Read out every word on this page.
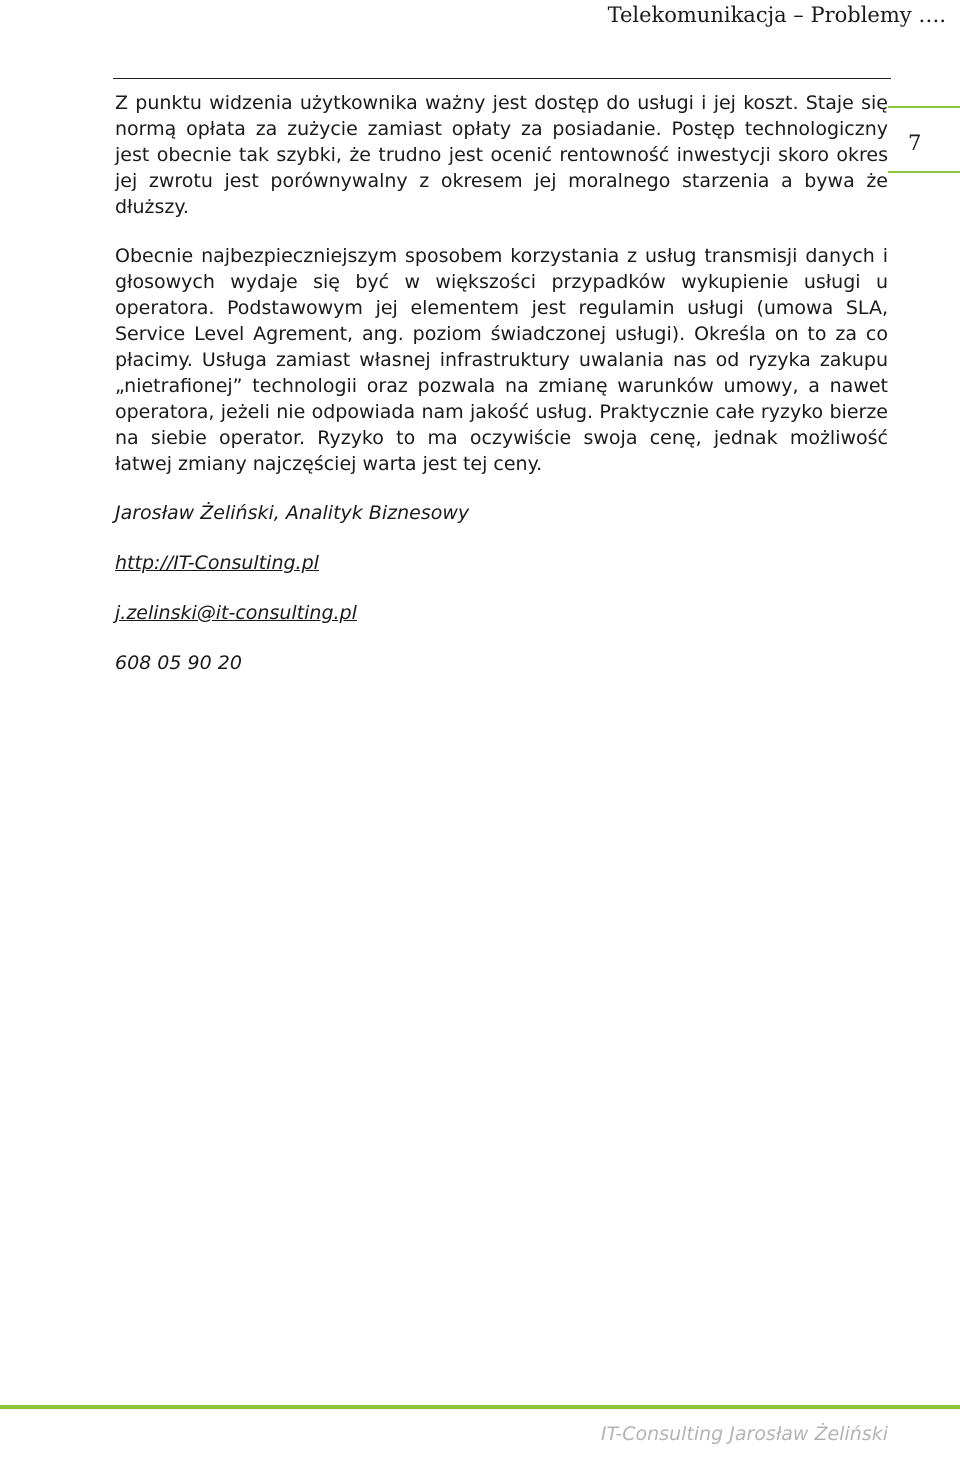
Telekomunikacja – Problemy ….
7

Z punktu widzenia użytkownika ważny jest dostęp do usługi i jej koszt. Staje się normą opłata za zużycie zamiast opłaty za posiadanie. Postęp technologiczny jest obecnie tak szybki, że trudno jest ocenić rentowność inwestycji skoro okres jej zwrotu jest porównywalny z okresem jej moralnego starzenia a bywa że dłuższy.

Obecnie najbezpieczniejszym sposobem korzystania z usług transmisji danych i głosowych wydaje się być w większości przypadków wykupienie usługi u operatora. Podstawowym jej elementem jest regulamin usługi (umowa SLA, Service Level Agrement, ang. poziom świadczonej usługi). Określa on to za co płacimy. Usługa zamiast własnej infrastruktury uwalania nas od ryzyka zakupu „nietrafionej” technologii oraz pozwala na zmianę warunków umowy, a nawet operatora, jeżeli nie odpowiada nam jakość usług. Praktycznie całe ryzyko bierze na siebie operator. Ryzyko to ma oczywiście swoja cenę, jednak możliwość łatwej zmiany najczęściej warta jest tej ceny.

Jarosław Żeliński, Analityk Biznesowy

http://IT-Consulting.pl
j.zelinski@it-consulting.pl

608 05 90 20

IT-Consulting Jarosław Żeliński
